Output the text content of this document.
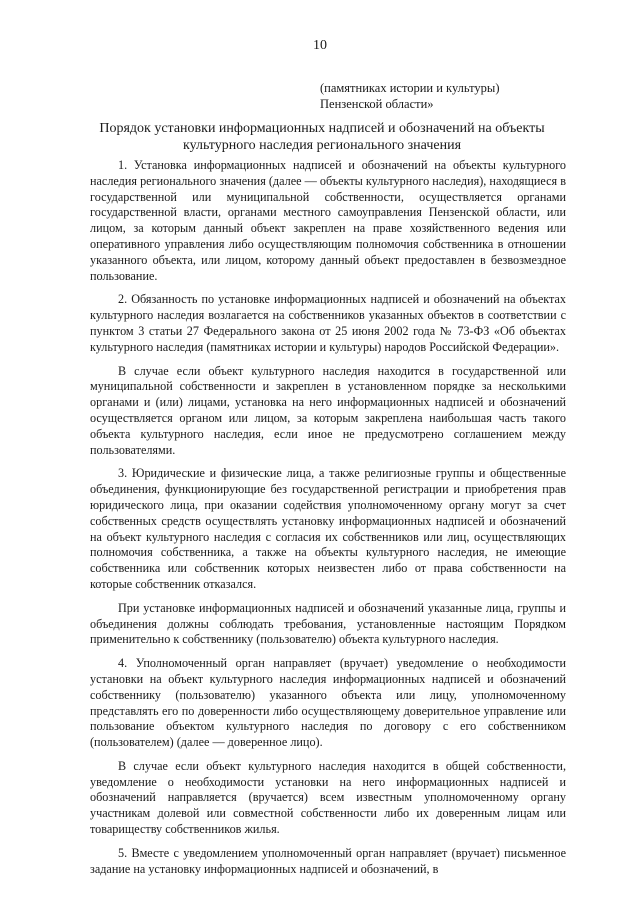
10
(памятниках истории и культуры)
Пензенской области»
Порядок установки информационных надписей и обозначений на объекты культурного наследия регионального значения

1. Установка информационных надписей и обозначений на объекты культурного наследия регионального значения (далее — объекты культурного наследия), находящиеся в государственной или муниципальной собственности, осуществляется органами государственной власти, органами местного самоуправления Пензенской области, или лицом, за которым данный объект закреплен на праве хозяйственного ведения или оперативного управления либо осуществляющим полномочия собственника в отношении указанного объекта, или лицом, которому данный объект предоставлен в безвозмездное пользование.

2. Обязанность по установке информационных надписей и обозначений на объектах культурного наследия возлагается на собственников указанных объектов в соответствии с пунктом 3 статьи 27 Федерального закона от 25 июня 2002 года № 73-ФЗ «Об объектах культурного наследия (памятниках истории и культуры) народов Российской Федерации».

В случае если объект культурного наследия находится в государственной или муниципальной собственности и закреплен в установленном порядке за несколькими органами и (или) лицами, установка на него информационных надписей и обозначений осуществляется органом или лицом, за которым закреплена наибольшая часть такого объекта культурного наследия, если иное не предусмотрено соглашением между пользователями.

3. Юридические и физические лица, а также религиозные группы и общественные объединения, функционирующие без государственной регистрации и приобретения прав юридического лица, при оказании содействия уполномоченному органу могут за счет собственных средств осуществлять установку информационных надписей и обозначений на объект культурного наследия с согласия их собственников или лиц, осуществляющих полномочия собственника, а также на объекты культурного наследия, не имеющие собственника или собственник которых неизвестен либо от права собственности на которые собственник отказался.

При установке информационных надписей и обозначений указанные лица, группы и объединения должны соблюдать требования, установленные настоящим Порядком применительно к собственнику (пользователю) объекта культурного наследия.

4. Уполномоченный орган направляет (вручает) уведомление о необходимости установки на объект культурного наследия информационных надписей и обозначений собственнику (пользователю) указанного объекта или лицу, уполномоченному представлять его по доверенности либо осуществляющему доверительное управление или пользование объектом культурного наследия по договору с его собственником (пользователем) (далее — доверенное лицо).

В случае если объект культурного наследия находится в общей собственности, уведомление о необходимости установки на него информационных надписей и обозначений направляется (вручается) всем известным уполномоченному органу участникам долевой или совместной собственности либо их доверенным лицам или товариществу собственников жилья.

5. Вместе с уведомлением уполномоченный орган направляет (вручает) письменное задание на установку информационных надписей и обозначений, в
